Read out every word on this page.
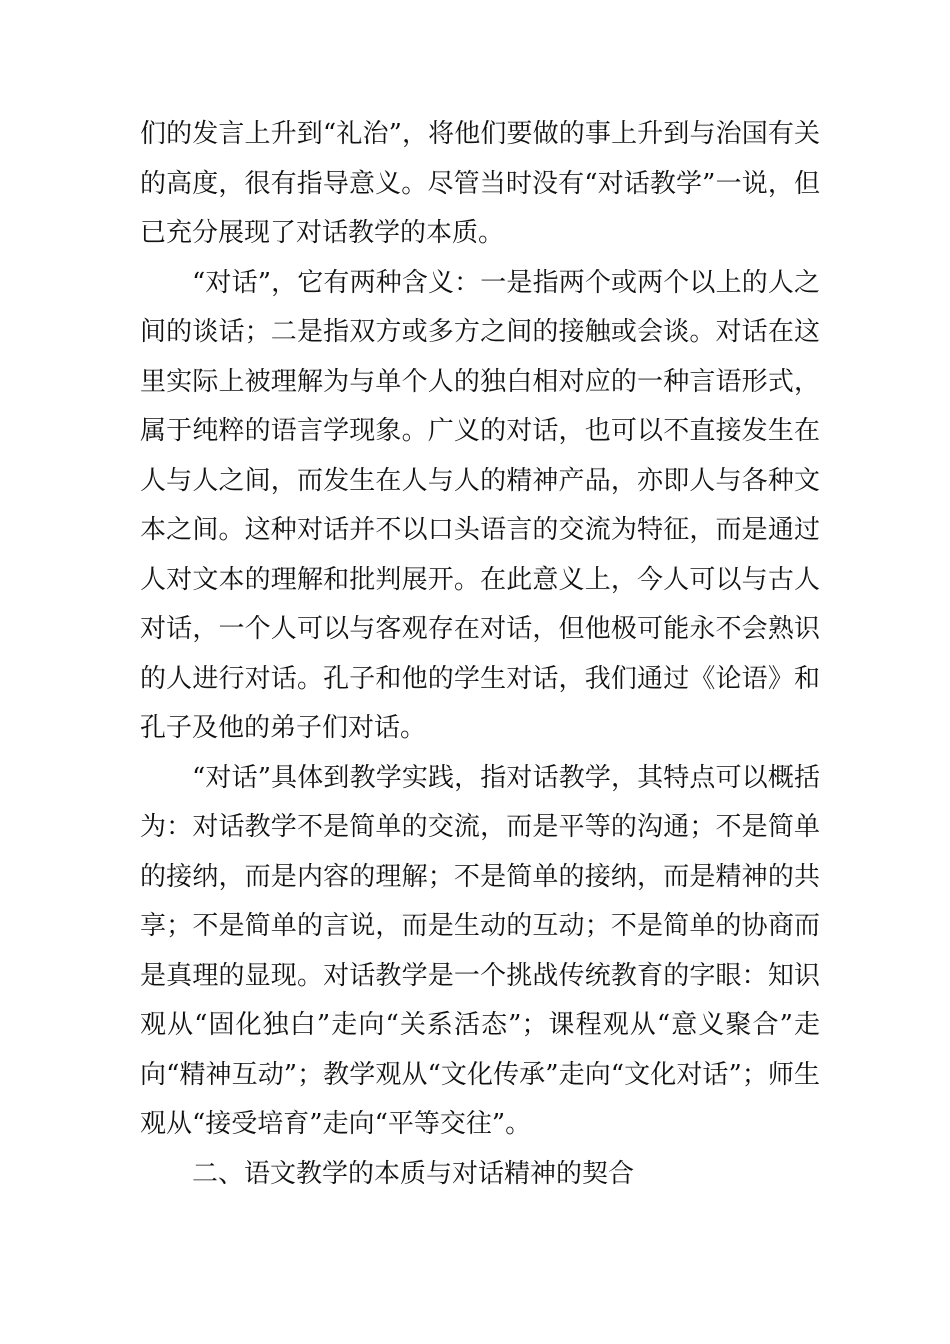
们的发言上升到“礼治”，将他们要做的事上升到与治国有关的高度，很有指导意义。尽管当时没有“对话教学”一说，但已充分展现了对话教学的本质。

“对话”，它有两种含义：一是指两个或两个以上的人之间的谈话；二是指双方或多方之间的接触或会谈。对话在这里实际上被理解为与单个人的独白相对应的一种言语形式，属于纯粹的语言学现象。广义的对话，也可以不直接发生在人与人之间，而发生在人与人的精神产品，亦即人与各种文本之间。这种对话并不以口头语言的交流为特征，而是通过人对文本的理解和批判展开。在此意义上，今人可以与古人对话，一个人可以与客观存在对话，但他极可能永不会熟识的人进行对话。孔子和他的学生对话，我们通过《论语》和孔子及他的弟子们对话。

“对话”具体到教学实践，指对话教学，其特点可以概括为：对话教学不是简单的交流，而是平等的沟通；不是简单的接纳，而是内容的理解；不是简单的接纳，而是精神的共享；不是简单的言说，而是生动的互动；不是简单的协商而是真理的显现。对话教学是一个挑战传统教育的字眼：知识观从“固化独白”走向“关系活态”；课程观从“意义聚合”走向“精神互动”；教学观从“文化传承”走向“文化对话”；师生观从“接受培育”走向“平等交往”。

二、语文教学的本质与对话精神的契合
